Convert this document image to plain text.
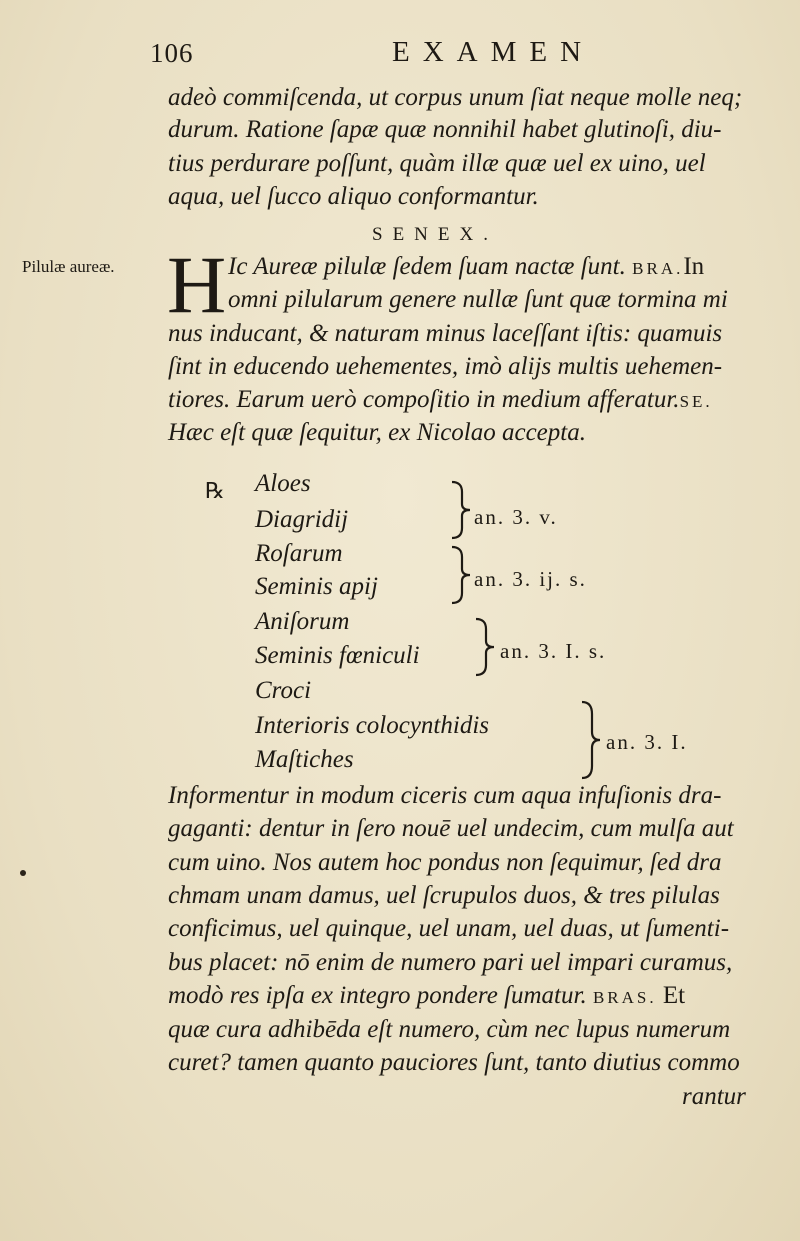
106	EXAMEN
adeò commiſcenda, ut corpus unum ſiat neque molle neq;
durum. Ratione ſapæ quæ nonnihil habet glutinoſi, diu-
tius perdurare poſſunt, quàm illæ quæ uel ex uino, uel
aqua, uel ſucco aliquo conformantur.
SENEX.
Pilulæ aureæ. H Ic Aureæ pilulæ ſedem ſuam nactæ ſunt. BRA.In
omni pilularum genere nullæ ſunt quæ tormina mi
nus inducant, & naturam minus laceſſant iſtis: quamuis
ſint in educendo uehementes, imò alijs multis uehemen-
tiores. Earum uerò compoſitio in medium afferatur.SE.
Hæc eſt quæ ſequitur, ex Nicolao accepta.
℞ Aloes
Diagridij
Roſarum
Seminis apij
Aniſorum
Seminis fœniculi
Croci
Interioris colocynthidis
Maſtiches
an. 3. v.
an. 3. ij. s.
an. 3. I. s.
an. 3. I.
Informentur in modum ciceris cum aqua infuſionis dra-
gaganti: dentur in ſero nouē uel undecim, cum mulſa aut
cum uino. Nos autem hoc pondus non ſequimur, ſed dra
chmam unam damus, uel ſcrupulos duos, & tres pilulas
conficimus, uel quinque, uel unam, uel duas, ut ſumenti-
bus placet: nō enim de numero pari uel impari curamus,
modò res ipſa ex integro pondere ſumatur. BRAS. Et
quæ cura adhibēda eſt numero, cùm nec lupus numerum
curet? tamen quanto pauciores ſunt, tanto diutius commo
rantur
